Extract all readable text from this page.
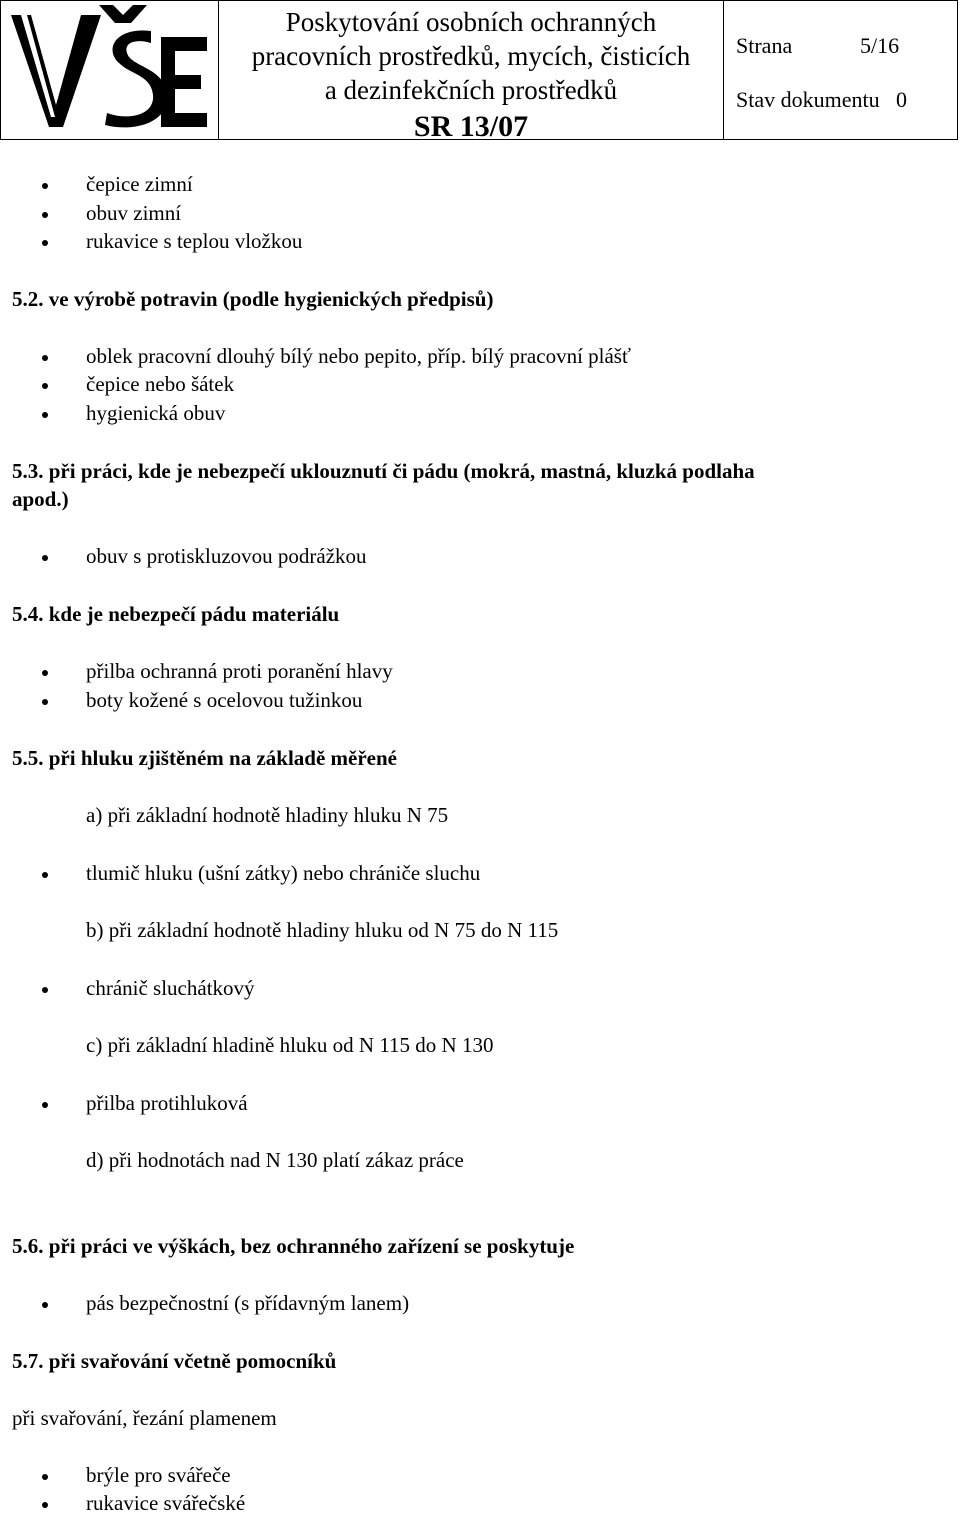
Poskytování osobních ochranných
pracovních prostředků, mycích, čisticích
a dezinfekčních prostředků
SR 13/07
Strana	5/16
Stav dokumentu 0
čepice zimní
obuv zimní
rukavice s teplou vložkou
5.2. ve výrobě potravin (podle hygienických předpisů)
oblek pracovní dlouhý bílý nebo pepito, příp. bílý pracovní plášť
čepice nebo šátek
hygienická obuv
5.3. při práci, kde je nebezpečí uklouznutí či pádu (mokrá, mastná, kluzká podlaha
apod.)
obuv s protiskluzovou podrážkou
5.4. kde je nebezpečí pádu materiálu
přilba ochranná proti poranění hlavy
boty kožené s ocelovou tužinkou
5.5. při hluku zjištěném na základě měřené
a) při základní hodnotě hladiny hluku N 75
tlumič hluku (ušní zátky) nebo chrániče sluchu
b) při základní hodnotě hladiny hluku od N 75 do N 115
chránič sluchátkový
c) při základní hladině hluku od N 115 do N 130
přilba protihluková
d) při hodnotách nad N 130 platí zákaz práce
5.6. při práci ve výškách, bez ochranného zařízení se poskytuje
pás bezpečnostní (s přídavným lanem)
5.7. při svařování včetně pomocníků
při svařování, řezání plamenem
brýle pro svářeče
rukavice svářečské
